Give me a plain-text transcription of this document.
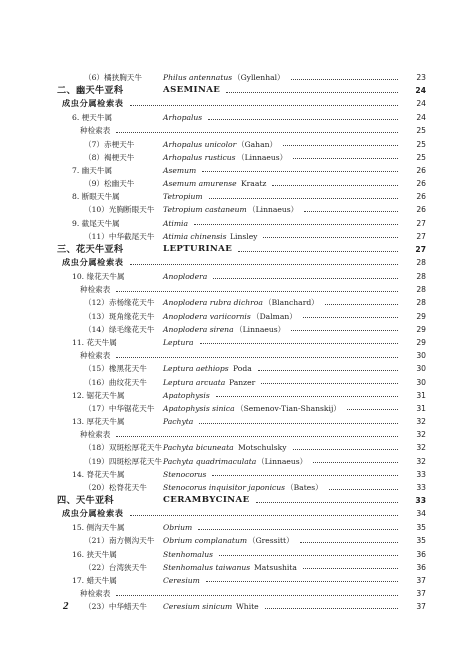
（6）橘狭胸天牛	Philus antennatus （Gyllenhal）	23
二、幽天牛亚科	ASEMINAE	24
成虫分属检索表	24
6. 梗天牛属	Arhopalus	24
种检索表	25
（7）赤梗天牛	Arhopalus unicolor （Gahan）	25
（8）褐梗天牛	Arhopalus rusticus （Linnaeus）	25
7. 幽天牛属	Asemum	26
（9）松幽天牛	Asemum amurense Kraatz	26
8. 断眼天牛属	Tetropium	26
（10）光胸断眼天牛 Tetropium castaneum （Linnaeus）	26
9. 截尾天牛属	Atimia	27
（11）中华截尾天牛 Atimia chinensis Linsley	27
三、花天牛亚科	LEPTURINAE	27
成虫分属检索表	28
10. 缘花天牛属	Anoplodera	28
种检索表	28
（12）赤杨缘花天牛 Anoplodera rubra dichroa （Blanchard）	28
（13）斑角缘花天牛 Anoplodera variicornis （Dalman）	29
（14）绿毛缘花天牛 Anoplodera sirena （Linnaeus）	29
11. 花天牛属	Leptura	29
种检索表	30
（15）橡黑花天牛 Leptura aethiops Poda	30
（16）曲纹花天牛 Leptura arcuata Panzer	30
12. 锯花天牛属	Apatophysis	31
（17）中华锯花天牛 Apatophysis sinica （Semenov-Tian-Shanskij）	31
13. 厚花天牛属	Pachyta	32
种检索表	32
（18）双斑松厚花天牛 Pachyta bicuneata Motschulsky	32
（19）四斑松厚花天牛 Pachyta quadrimaculata （Linnaeus）	32
14. 脊花天牛属	Stenocorus	33
（20）松脊花天牛 Stenocorus inquisitor japonicus （Bates）	33
四、天牛亚科	CERAMBYCINAE	33
成虫分属检索表	34
15. 侧沟天牛属	Obrium	35
（21）南方侧沟天牛 Obrium complanatum （Gressitt）	35
16. 狭天牛属	Stenhomalus	36
（22）台湾狭天牛 Stenhomalus taiwanus Matsushita	36
17. 蜡天牛属	Ceresium	37
种检索表	37
（23）中华蜡天牛 Ceresium sinicum White	37
2
